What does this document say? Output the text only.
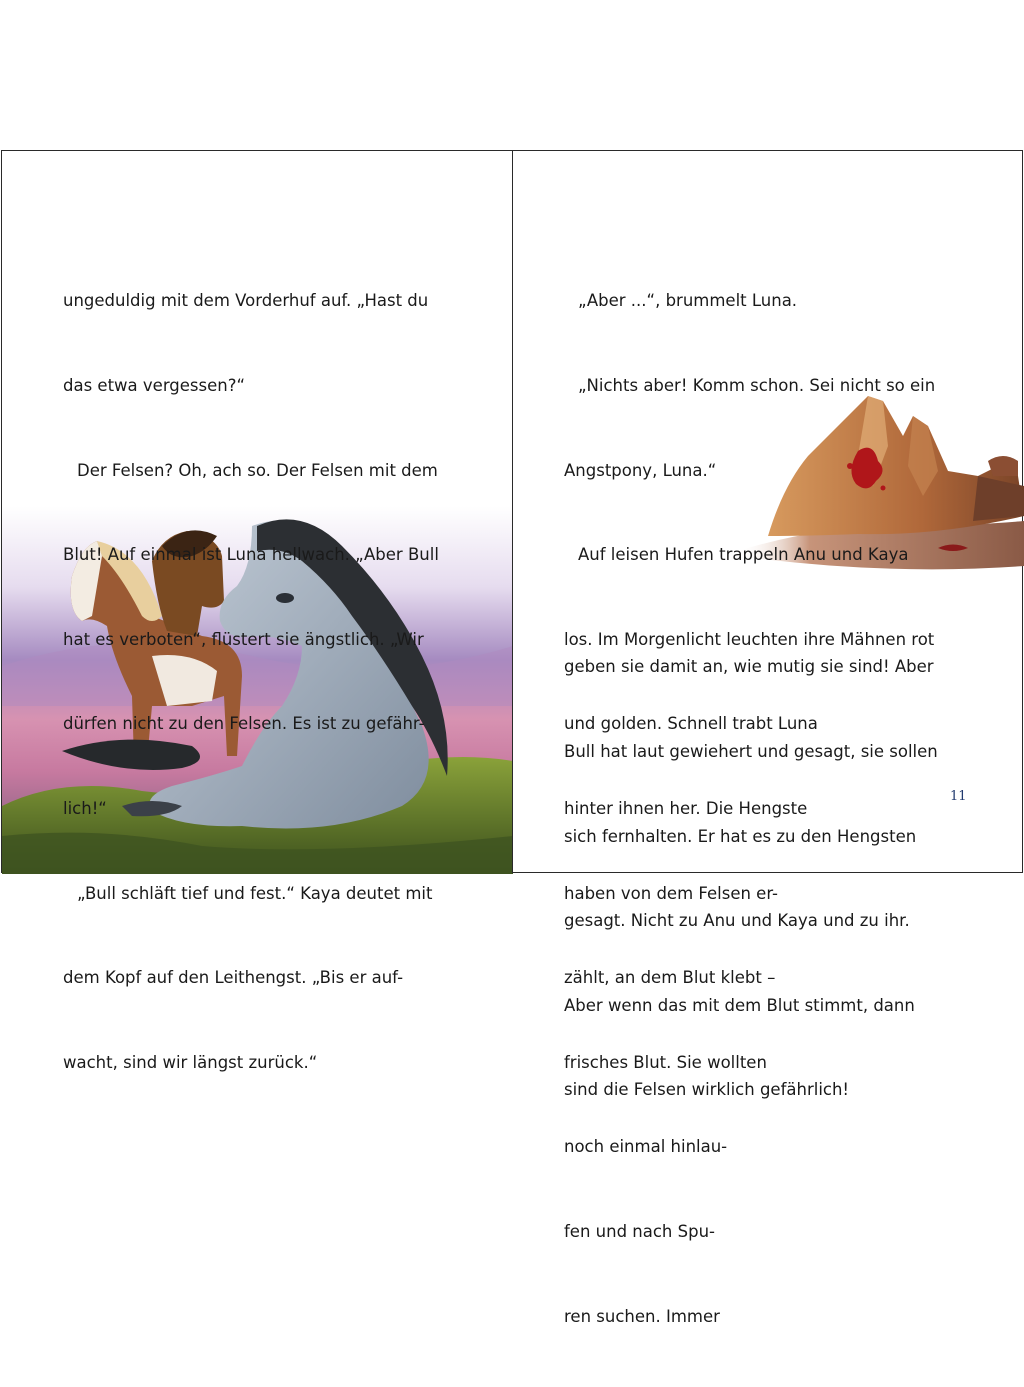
ungeduldig mit dem Vorderhuf auf. „Hast du

das etwa vergessen?“

Der Felsen? Oh, ach so. Der Felsen mit dem

Blut! Auf einmal ist Luna hellwach. „Aber Bull

hat es verboten“, flüstert sie ängstlich. „Wir

dürfen nicht zu den Felsen. Es ist zu gefähr-

lich!“

„Bull schläft tief und fest.“ Kaya deutet mit

dem Kopf auf den Leithengst. „Bis er auf-

wacht, sind wir längst zurück.“

„Aber ...“, brummelt Luna.

„Nichts aber! Komm schon. Sei nicht so ein

Angstpony, Luna.“

Auf leisen Hufen trappeln Anu und Kaya

los. Im Morgenlicht leuchten ihre Mähnen rot

und golden. Schnell trabt Luna

hinter ihnen her. Die Hengste

haben von dem Felsen er-

zählt, an dem Blut klebt –

frisches Blut. Sie wollten

noch einmal hinlau-

fen und nach Spu-

ren suchen. Immer

geben sie damit an, wie mutig sie sind! Aber

Bull hat laut gewiehert und gesagt, sie sollen

sich fernhalten. Er hat es zu den Hengsten

gesagt. Nicht zu Anu und Kaya und zu ihr.

Aber wenn das mit dem Blut stimmt, dann

sind die Felsen wirklich gefährlich!

11
